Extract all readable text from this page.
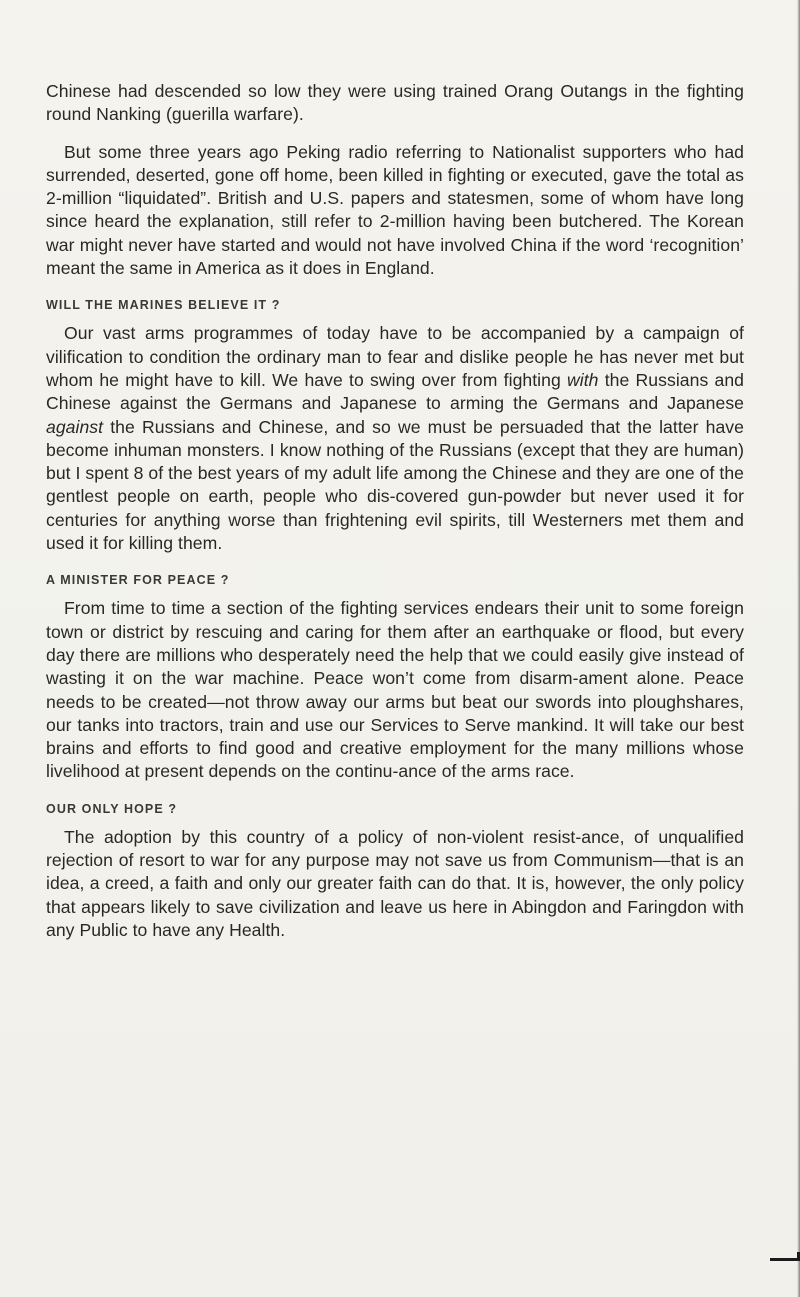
Chinese had descended so low they were using trained Orang Outangs in the fighting round Nanking (guerilla warfare).

But some three years ago Peking radio referring to Nationalist supporters who had surrended, deserted, gone off home, been killed in fighting or executed, gave the total as 2-million “liquidated”. British and U.S. papers and statesmen, some of whom have long since heard the explanation, still refer to 2-million having been butchered. The Korean war might never have started and would not have involved China if the word ‘recognition’ meant the same in America as it does in England.

WILL THE MARINES BELIEVE IT ?

Our vast arms programmes of today have to be accompanied by a campaign of vilification to condition the ordinary man to fear and dislike people he has never met but whom he might have to kill. We have to swing over from fighting with the Russians and Chinese against the Germans and Japanese to arming the Germans and Japanese against the Russians and Chinese, and so we must be persuaded that the latter have become inhuman monsters. I know nothing of the Russians (except that they are human) but I spent 8 of the best years of my adult life among the Chinese and they are one of the gentlest people on earth, people who dis-covered gun-powder but never used it for centuries for anything worse than frightening evil spirits, till Westerners met them and used it for killing them.

A MINISTER FOR PEACE ?

From time to time a section of the fighting services endears their unit to some foreign town or district by rescuing and caring for them after an earthquake or flood, but every day there are millions who desperately need the help that we could easily give instead of wasting it on the war machine. Peace won’t come from disarm-ament alone. Peace needs to be created—not throw away our arms but beat our swords into ploughshares, our tanks into tractors, train and use our Services to Serve mankind. It will take our best brains and efforts to find good and creative employment for the many millions whose livelihood at present depends on the continu-ance of the arms race.

OUR ONLY HOPE ?

The adoption by this country of a policy of non-violent resist-ance, of unqualified rejection of resort to war for any purpose may not save us from Communism—that is an idea, a creed, a faith and only our greater faith can do that. It is, however, the only policy that appears likely to save civilization and leave us here in Abingdon and Faringdon with any Public to have any Health.
